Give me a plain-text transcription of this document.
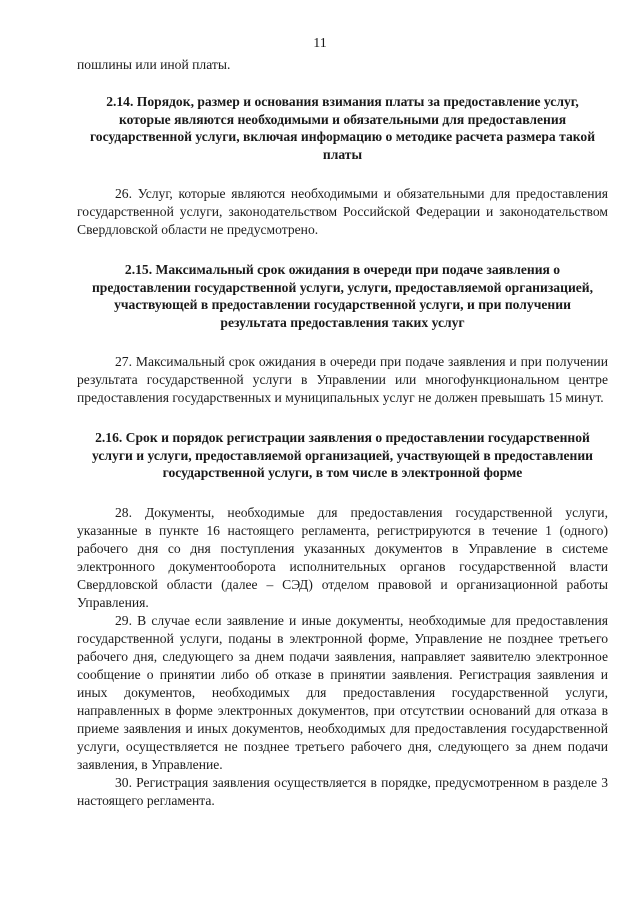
11

пошлины или иной платы.

2.14. Порядок, размер и основания взимания платы за предоставление услуг, которые являются необходимыми и обязательными для предоставления государственной услуги, включая информацию о методике расчета размера такой платы

26. Услуг, которые являются необходимыми и обязательными для предоставления государственной услуги, законодательством Российской Федерации и законодательством Свердловской области не предусмотрено.

2.15. Максимальный срок ожидания в очереди при подаче заявления о предоставлении государственной услуги, услуги, предоставляемой организацией, участвующей в предоставлении государственной услуги, и при получении результата предоставления таких услуг

27. Максимальный срок ожидания в очереди при подаче заявления и при получении результата государственной услуги в Управлении или многофункциональном центре предоставления государственных и муниципальных услуг не должен превышать 15 минут.

2.16. Срок и порядок регистрации заявления о предоставлении государственной услуги и услуги, предоставляемой организацией, участвующей в предоставлении государственной услуги, в том числе в электронной форме

28. Документы, необходимые для предоставления государственной услуги, указанные в пункте 16 настоящего регламента, регистрируются в течение 1 (одного) рабочего дня со дня поступления указанных документов в Управление в системе электронного документооборота исполнительных органов государственной власти Свердловской области (далее – СЭД) отделом правовой и организационной работы Управления.

29. В случае если заявление и иные документы, необходимые для предоставления государственной услуги, поданы в электронной форме, Управление не позднее третьего рабочего дня, следующего за днем подачи заявления, направляет заявителю электронное сообщение о принятии либо об отказе в принятии заявления. Регистрация заявления и иных документов, необходимых для предоставления государственной услуги, направленных в форме электронных документов, при отсутствии оснований для отказа в приеме заявления и иных документов, необходимых для предоставления государственной услуги, осуществляется не позднее третьего рабочего дня, следующего за днем подачи заявления, в Управление.

30. Регистрация заявления осуществляется в порядке, предусмотренном в разделе 3 настоящего регламента.
